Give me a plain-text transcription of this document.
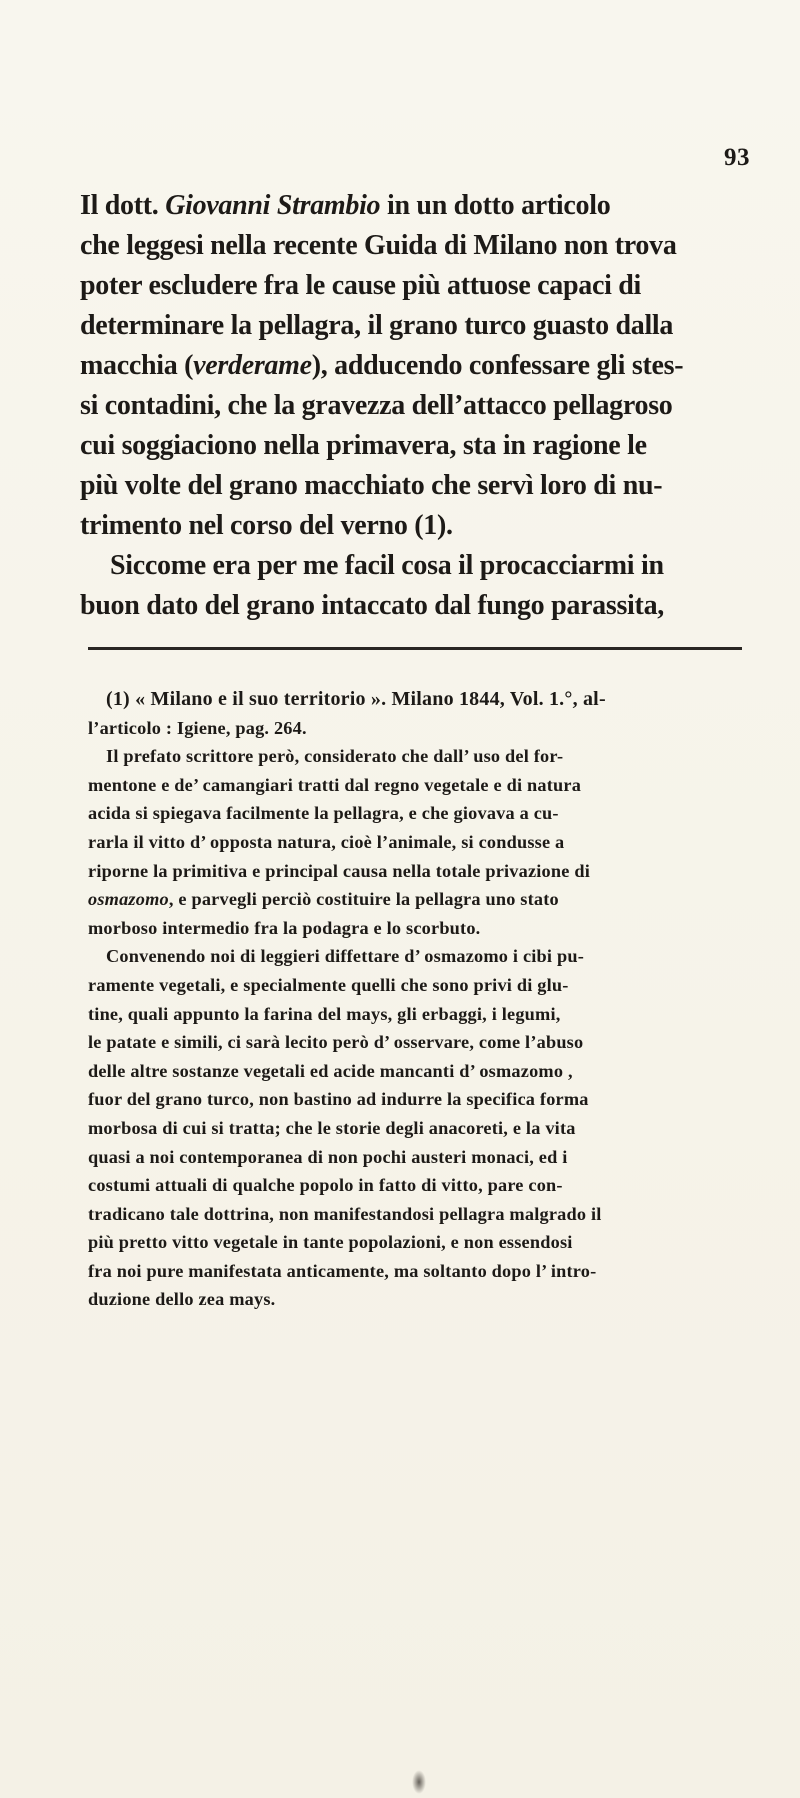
93
Il dott. Giovanni Strambio in un dotto articolo
che leggesi nella recente Guida di Milano non trova
poter escludere fra le cause più attuose capaci di
determinare la pellagra, il grano turco guasto dalla
macchia (verderame), adducendo confessare gli stes-
si contadini, che la gravezza dell’attacco pellagroso
cui soggiaciono nella primavera, sta in ragione le
più volte del grano macchiato che servì loro di nu-
trimento nel corso del verno (1).
Siccome era per me facil cosa il procacciarmi in
buon dato del grano intaccato dal fungo parassita,
(1) « Milano e il suo territorio ». Milano 1844, Vol. 1.°, al-
l’articolo : Igiene, pag. 264.
Il prefato scrittore però, considerato che dall’ uso del for-
mentone e de’ camangiari tratti dal regno vegetale e di natura
acida si spiegava facilmente la pellagra, e che giovava a cu-
rarla il vitto d’ opposta natura, cioè l’animale, si condusse a
riporne la primitiva e principal causa nella totale privazione di
osmazomo, e parvegli perciò costituire la pellagra uno stato
morboso intermedio fra la podagra e lo scorbuto.
Convenendo noi di leggieri diffettare d’ osmazomo i cibi pu-
ramente vegetali, e specialmente quelli che sono privi di glu-
tine, quali appunto la farina del mays, gli erbaggi, i legumi,
le patate e simili, ci sarà lecito però d’ osservare, come l’abuso
delle altre sostanze vegetali ed acide mancanti d’ osmazomo ,
fuor del grano turco, non bastino ad indurre la specifica forma
morbosa di cui si tratta; che le storie degli anacoreti, e la vita
quasi a noi contemporanea di non pochi austeri monaci, ed i
costumi attuali di qualche popolo in fatto di vitto, pare con-
tradicano tale dottrina, non manifestandosi pellagra malgrado il
più pretto vitto vegetale in tante popolazioni, e non essendosi
fra noi pure manifestata anticamente, ma soltanto dopo l’ intro-
duzione dello zea mays.
